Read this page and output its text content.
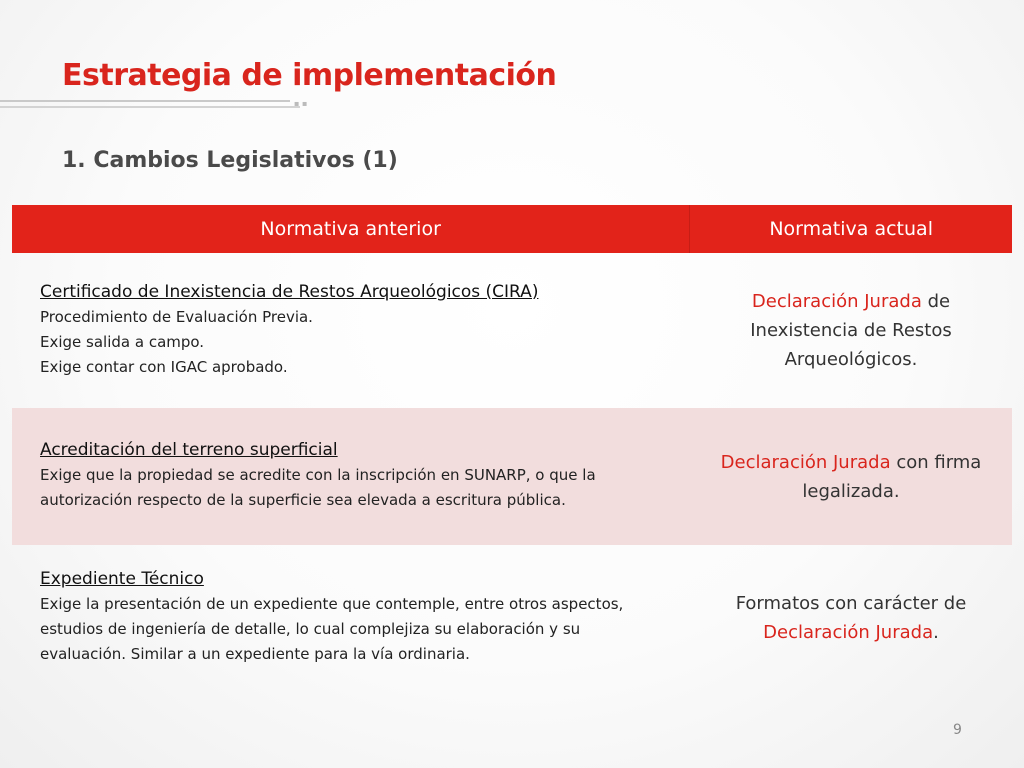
Estrategia de implementación
▪ ▪
1. Cambios Legislativos (1)
Normativa anterior	Normativa actual
Certificado de Inexistencia de Restos Arqueológicos (CIRA)
Procedimiento de Evaluación Previa.
Exige salida a campo.
Exige contar con IGAC aprobado.
Declaración Jurada de Inexistencia de Restos Arqueológicos.
Acreditación del terreno superficial
Exige que la propiedad se acredite con la inscripción en SUNARP, o que la
autorización respecto de la superficie sea elevada a escritura pública.
Declaración Jurada con firma legalizada.
Expediente Técnico
Exige la presentación de un expediente que contemple, entre otros aspectos,
estudios de ingeniería de detalle, lo cual complejiza su elaboración y su
evaluación. Similar a un expediente para la vía ordinaria.
Formatos con carácter de Declaración Jurada.
9
